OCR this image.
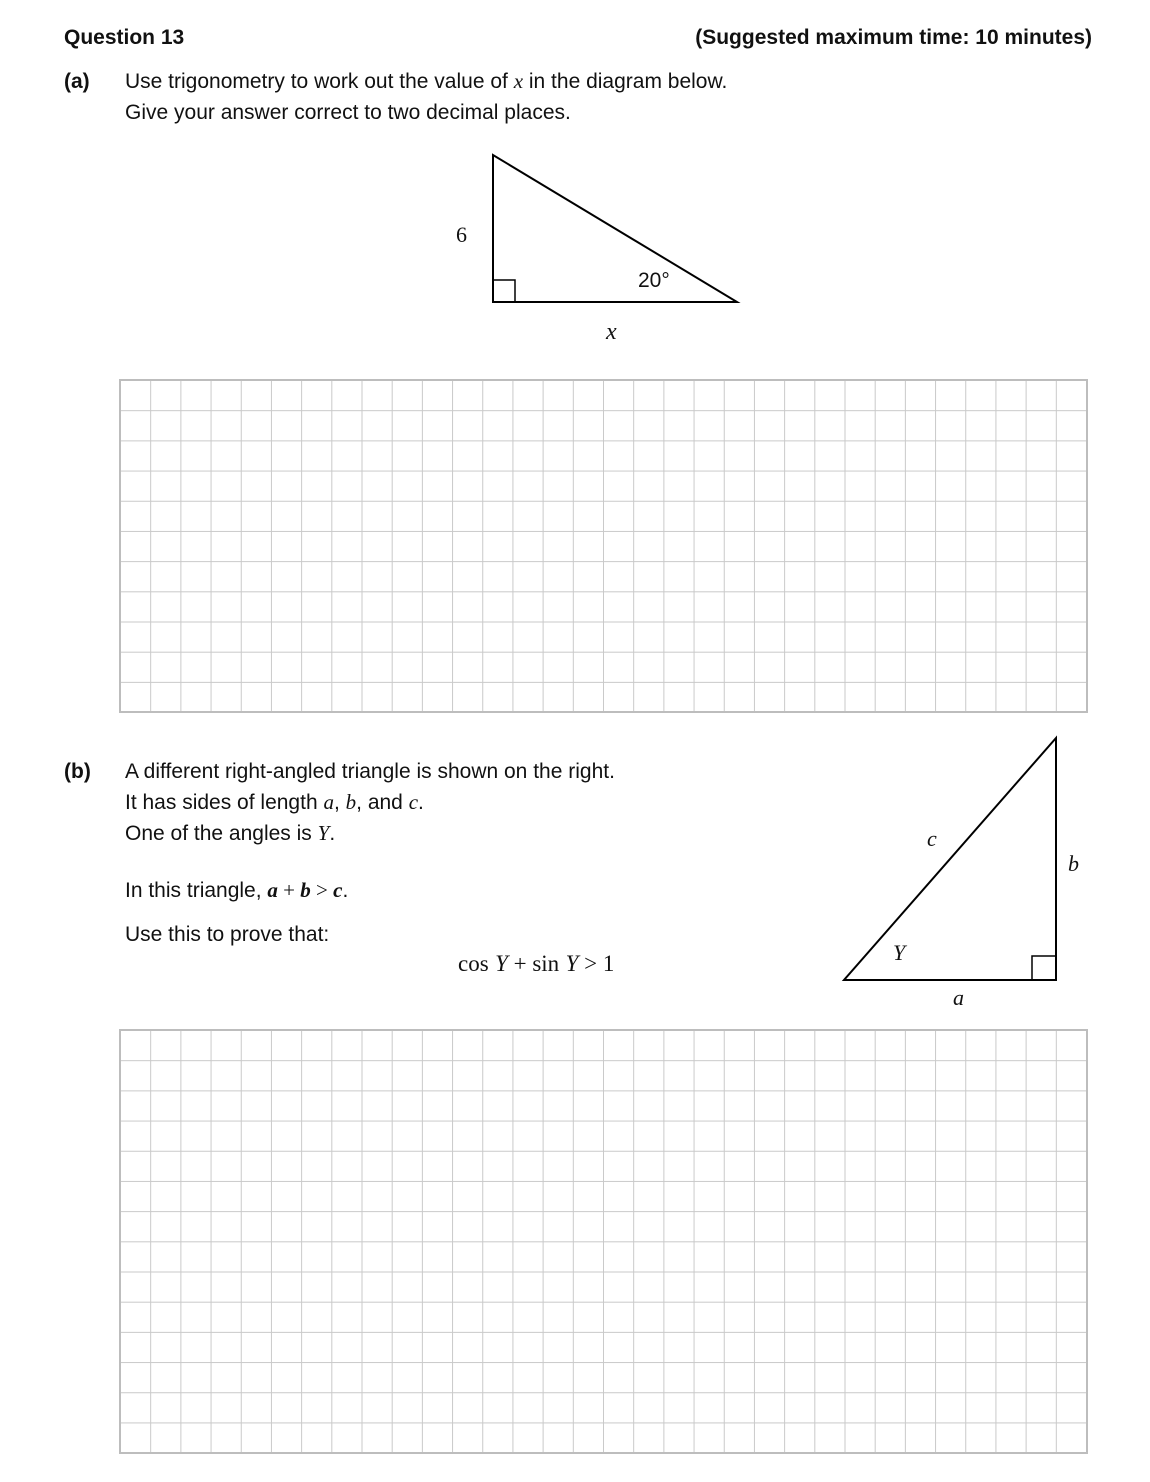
Question 13	(Suggested maximum time: 10 minutes)
(a) Use trigonometry to work out the value of x in the diagram below.
Give your answer correct to two decimal places.
6
20°
x
(b) A different right-angled triangle is shown on the right.
It has sides of length a, b, and c.
One of the angles is Y.
In this triangle, a + b > c.
Use this to prove that:
cos Y + sin Y > 1
c
b
Y
a
